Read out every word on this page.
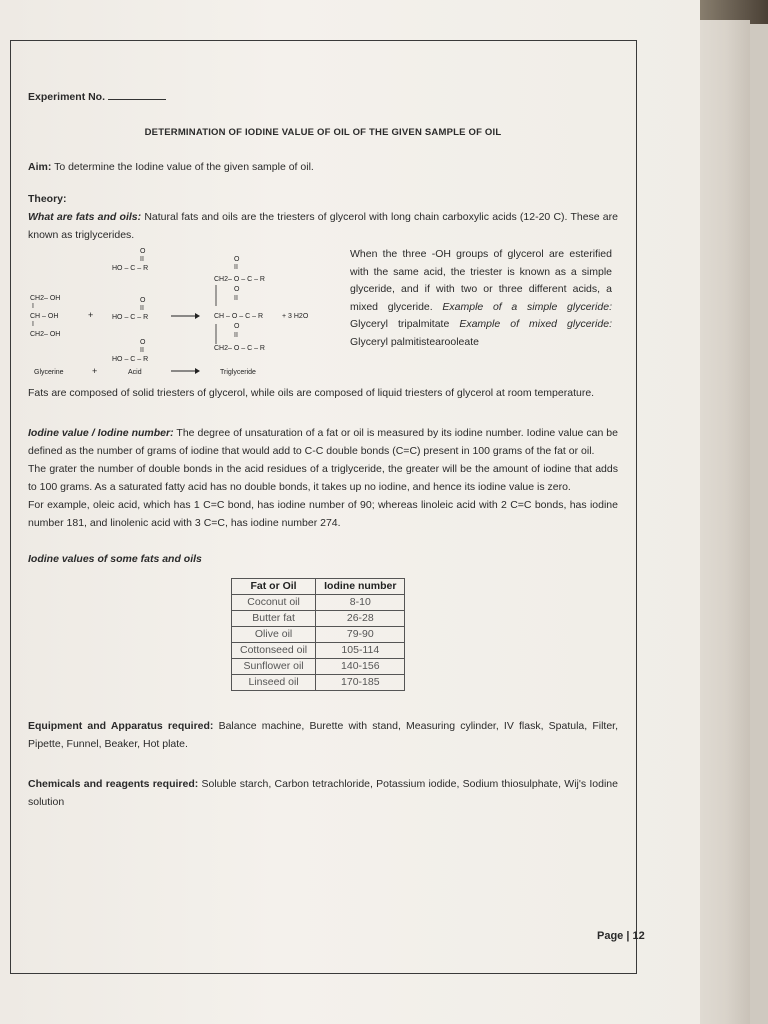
Experiment No.
DETERMINATION OF IODINE VALUE OF OIL OF THE GIVEN SAMPLE OF OIL
Aim: To determine the Iodine value of the given sample of oil.
Theory:
What are fats and oils: Natural fats and oils are the triesters of glycerol with long chain carboxylic acids (12-20 C). These are known as triglycerides.
O
II
HO – C – R
O
II
HO – C – R
O
II
HO – C – R
CH2– OH
I
CH – OH
I
CH2– OH
+
O
II
CH2– O – C – R
O
II
CH – O – C – R	+ 3 H2O
O
II
CH2– O – C – R
Glycerine	+	Acid	Triglyceride
When the three -OH groups of glycerol are esterified with the same acid, the triester is known as a simple glyceride, and if with two or three different acids, a mixed glyceride. Example of a simple glyceride: Glyceryl tripalmitate Example of mixed glyceride: Glyceryl palmitistearooleate
Fats are composed of solid triesters of glycerol, while oils are composed of liquid triesters of glycerol at room temperature.
Iodine value / Iodine number: The degree of unsaturation of a fat or oil is measured by its iodine number. Iodine value can be defined as the number of grams of iodine that would add to C-C double bonds (C=C) present in 100 grams of the fat or oil.
The grater the number of double bonds in the acid residues of a triglyceride, the greater will be the amount of iodine that adds to 100 grams. As a saturated fatty acid has no double bonds, it takes up no iodine, and hence its iodine value is zero.
For example, oleic acid, which has 1 C=C bond, has iodine number of 90; whereas linoleic acid with 2 C=C bonds, has iodine number 181, and linolenic acid with 3 C=C, has iodine number 274.
Iodine values of some fats and oils
Fat or Oil	Iodine number
Coconut oil	8-10
Butter fat	26-28
Olive oil	79-90
Cottonseed oil	105-114
Sunflower oil	140-156
Linseed oil	170-185
Equipment and Apparatus required: Balance machine, Burette with stand, Measuring cylinder, IV flask, Spatula, Filter, Pipette, Funnel, Beaker, Hot plate.
Chemicals and reagents required: Soluble starch, Carbon tetrachloride, Potassium iodide, Sodium thiosulphate, Wij's Iodine solution
Page | 12
